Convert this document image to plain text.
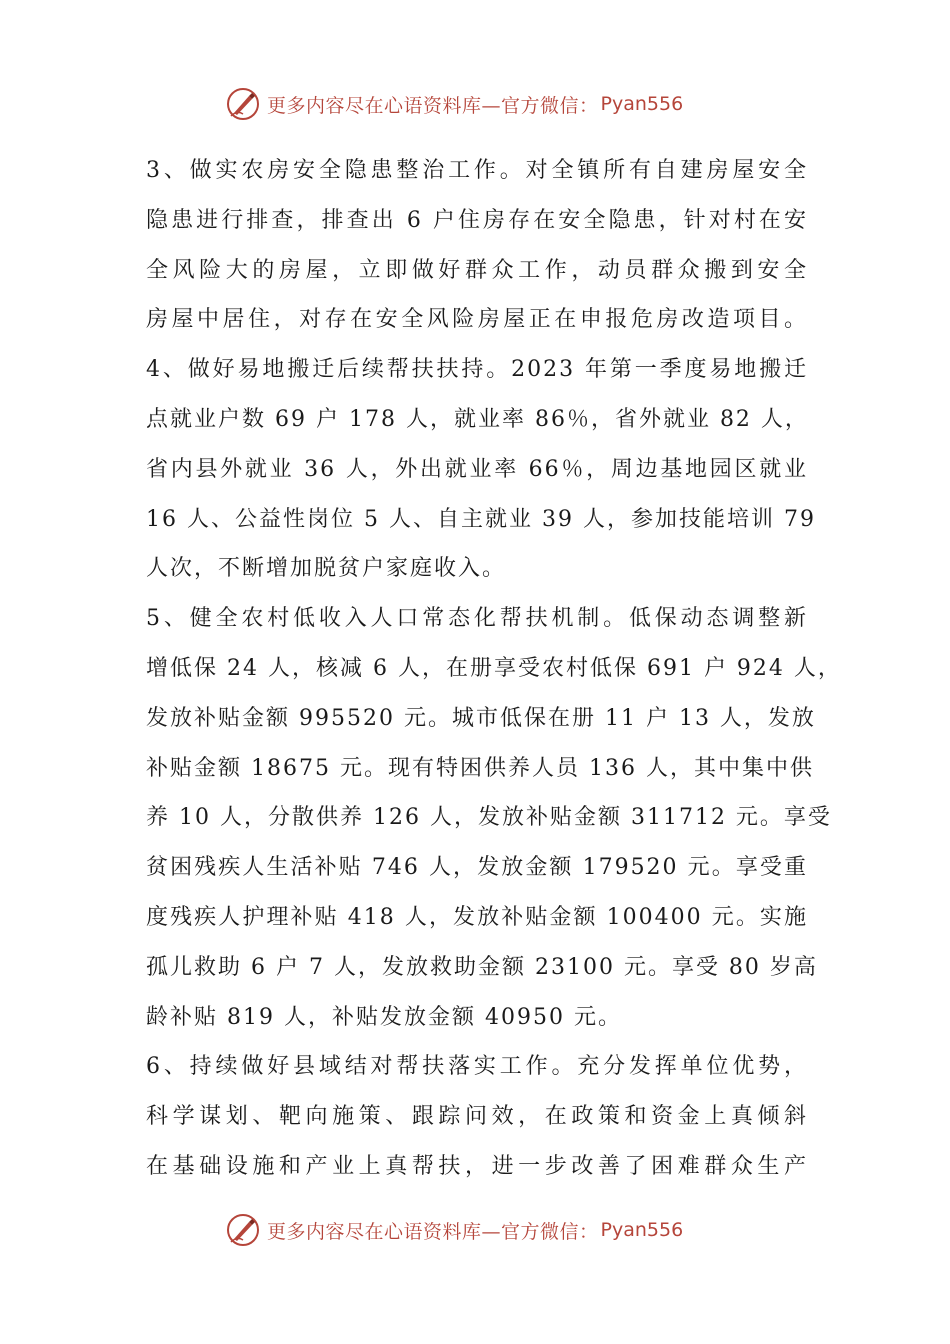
更多内容尽在心语资料库—官方微信： Pyan556
3、做实农房安全隐患整治工作。对全镇所有自建房屋安全
隐患进行排查，排查出 6 户住房存在安全隐患，针对村在安
全风险大的房屋，立即做好群众工作，动员群众搬到安全
房屋中居住，对存在安全风险房屋正在申报危房改造项目。
4、做好易地搬迁后续帮扶扶持。2023 年第一季度易地搬迁
点就业户数 69 户 178 人，就业率 86％，省外就业 82 人，
省内县外就业 36 人，外出就业率 66％，周边基地园区就业
16 人、公益性岗位 5 人、自主就业 39 人，参加技能培训 79
人次，不断增加脱贫户家庭收入。
5、健全农村低收入人口常态化帮扶机制。低保动态调整新
增低保 24 人，核减 6 人，在册享受农村低保 691 户 924 人，
发放补贴金额 995520 元。城市低保在册 11 户 13 人，发放
补贴金额 18675 元。现有特困供养人员 136 人，其中集中供
养 10 人，分散供养 126 人，发放补贴金额 311712 元。享受
贫困残疾人生活补贴 746 人，发放金额 179520 元。享受重
度残疾人护理补贴 418 人，发放补贴金额 100400 元。实施
孤儿救助 6 户 7 人，发放救助金额 23100 元。享受 80 岁高
龄补贴 819 人，补贴发放金额 40950 元。
6、持续做好县域结对帮扶落实工作。充分发挥单位优势，
科学谋划、靶向施策、跟踪问效，在政策和资金上真倾斜
在基础设施和产业上真帮扶，进一步改善了困难群众生产
更多内容尽在心语资料库—官方微信： Pyan556
